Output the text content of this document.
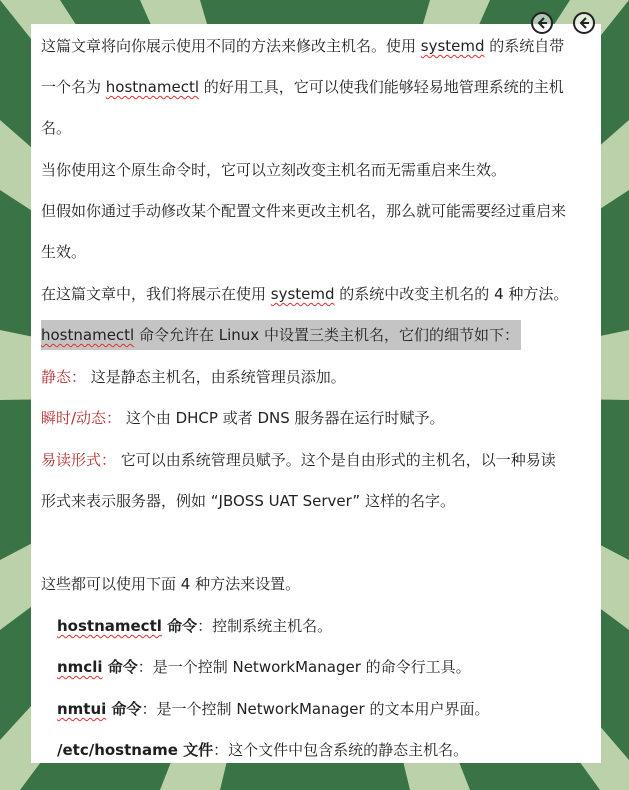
这篇文章将向你展示使用不同的方法来修改主机名。使用 systemd 的系统自带
一个名为 hostnamectl 的好用工具，它可以使我们能够轻易地管理系统的主机
名。
当你使用这个原生命令时，它可以立刻改变主机名而无需重启来生效。
但假如你通过手动修改某个配置文件来更改主机名，那么就可能需要经过重启来
生效。
在这篇文章中，我们将展示在使用 systemd 的系统中改变主机名的 4 种方法。
hostnamectl 命令允许在 Linux 中设置三类主机名，它们的细节如下：
静态： 这是静态主机名，由系统管理员添加。
瞬时/动态： 这个由 DHCP 或者 DNS 服务器在运行时赋予。
易读形式： 它可以由系统管理员赋予。这个是自由形式的主机名，以一种易读
形式来表示服务器，例如 “JBOSS UAT Server” 这样的名字。
这些都可以使用下面 4 种方法来设置。
hostnamectl 命令：控制系统主机名。
nmcli 命令：是一个控制 NetworkManager 的命令行工具。
nmtui 命令：是一个控制 NetworkManager 的文本用户界面。
/etc/hostname 文件：这个文件中包含系统的静态主机名。
